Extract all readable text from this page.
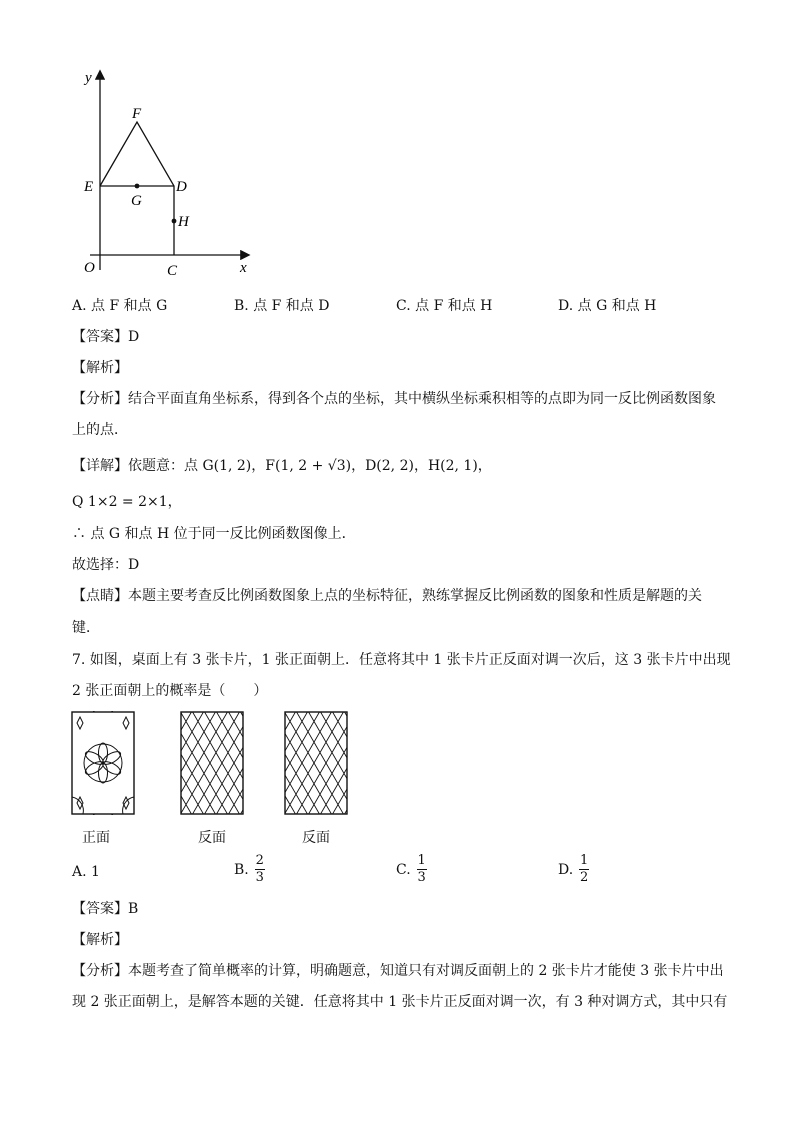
y
F
E	D
G
H
O	C	x
A. 点 F 和点 G	B. 点 F 和点 D	C. 点 F 和点 H	D. 点 G 和点 H
【答案】D
【解析】
【分析】结合平面直角坐标系，得到各个点的坐标，其中横纵坐标乘积相等的点即为同一反比例函数图象
上的点．
【详解】依题意：点 G(1, 2)，F(1, 2 + √3)，D(2, 2)，H(2, 1)，
Q 1×2 = 2×1，
∴ 点 G 和点 H 位于同一反比例函数图像上．
故选择：D
【点睛】本题主要考查反比例函数图象上点的坐标特征，熟练掌握反比例函数的图象和性质是解题的关
键．
7. 如图，桌面上有 3 张卡片，1 张正面朝上．任意将其中 1 张卡片正反面对调一次后，这 3 张卡片中出现
2 张正面朝上的概率是（　　）
正面	反面	反面
A. 1	B. $\frac{2}{3}$	C. $\frac{1}{3}$	D. $\frac{1}{2}$
【答案】B
【解析】
【分析】本题考查了简单概率的计算，明确题意，知道只有对调反面朝上的 2 张卡片才能使 3 张卡片中出
现 2 张正面朝上，是解答本题的关键．任意将其中 1 张卡片正反面对调一次，有 3 种对调方式，其中只有
